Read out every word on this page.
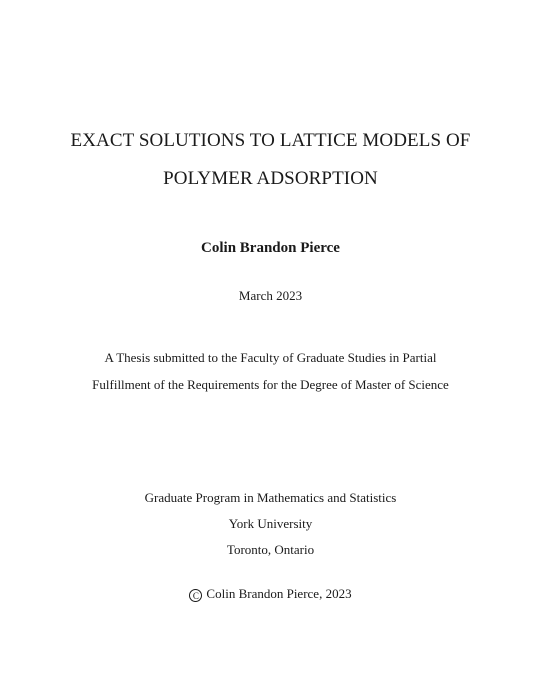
EXACT SOLUTIONS TO LATTICE MODELS OF
POLYMER ADSORPTION
Colin Brandon Pierce
March 2023
A Thesis submitted to the Faculty of Graduate Studies in Partial
Fulfillment of the Requirements for the Degree of Master of Science
Graduate Program in Mathematics and Statistics
York University
Toronto, Ontario
C Colin Brandon Pierce, 2023
